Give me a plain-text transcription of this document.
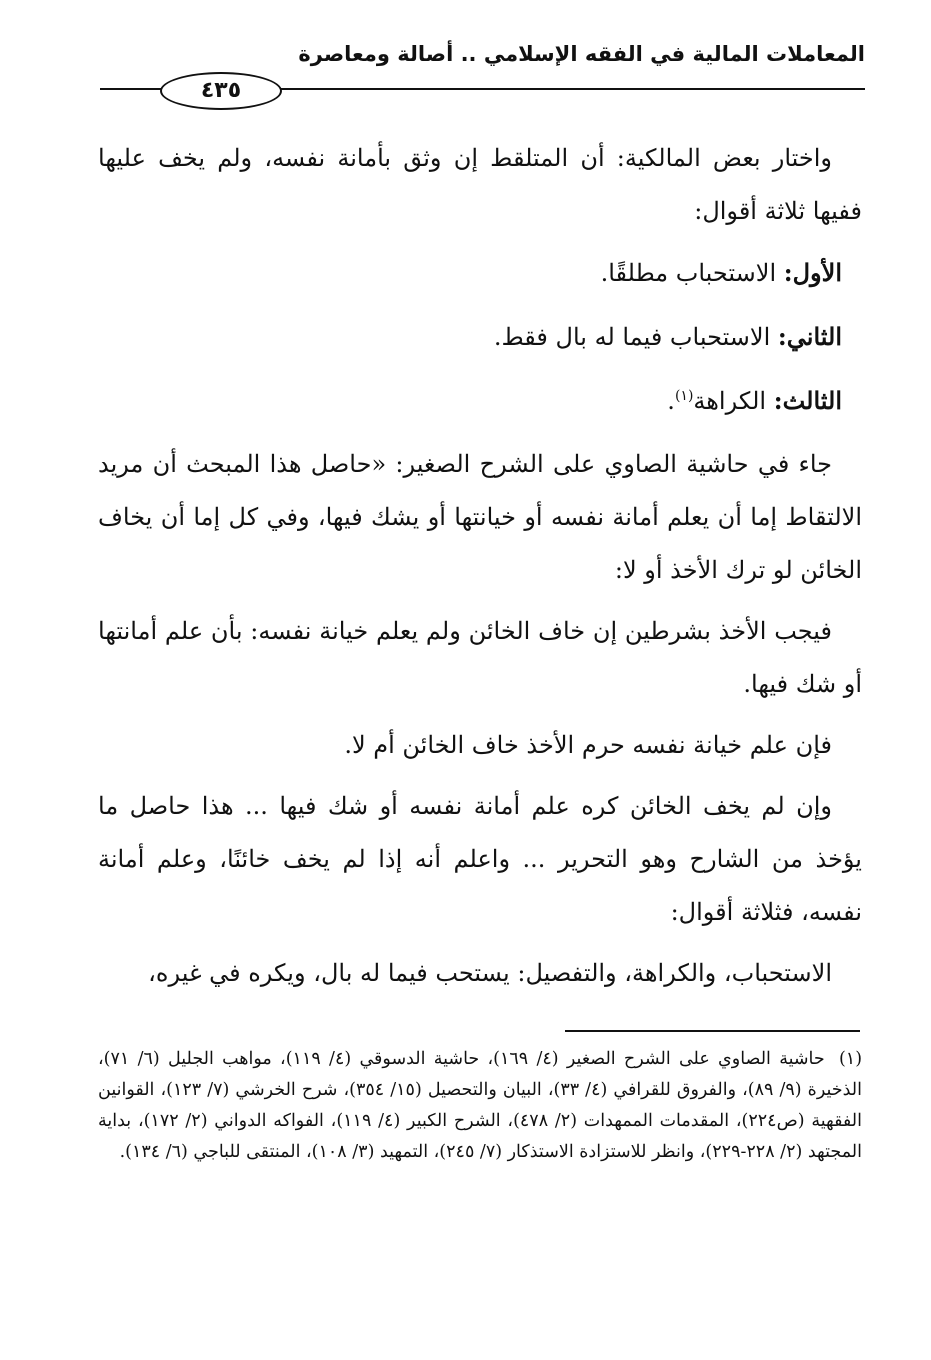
المعاملات المالية في الفقه الإسلامي .. أصالة ومعاصرة
٤٣٥

واختار بعض المالكية: أن المتلقط إن وثق بأمانة نفسه، ولم يخف عليها ففيها ثلاثة أقوال:

الأول: الاستحباب مطلقًا.

الثاني: الاستحباب فيما له بال فقط.

الثالث: الكراهة$^{(١)}$.

جاء في حاشية الصاوي على الشرح الصغير: «حاصل هذا المبحث أن مريد الالتقاط إما أن يعلم أمانة نفسه أو خيانتها أو يشك فيها، وفي كل إما أن يخاف الخائن لو ترك الأخذ أو لا:

فيجب الأخذ بشرطين إن خاف الخائن ولم يعلم خيانة نفسه: بأن علم أمانتها أو شك فيها.

فإن علم خيانة نفسه حرم الأخذ خاف الخائن أم لا.

وإن لم يخف الخائن كره علم أمانة نفسه أو شك فيها ... هذا حاصل ما يؤخذ من الشارح وهو التحرير ... واعلم أنه إذا لم يخف خائنًا، وعلم أمانة نفسه، فثلاثة أقوال:

الاستحباب، والكراهة، والتفصيل: يستحب فيما له بال، ويكره في غيره،

(١) حاشية الصاوي على الشرح الصغير (٤/ ١٦٩)، حاشية الدسوقي (٤/ ١١٩)، مواهب الجليل (٦/ ٧١)، الذخيرة (٩/ ٨٩)، والفروق للقرافي (٤/ ٣٣)، البيان والتحصيل (١٥/ ٣٥٤)، شرح الخرشي (٧/ ١٢٣)، القوانين الفقهية (ص٢٢٤)، المقدمات الممهدات (٢/ ٤٧٨)، الشرح الكبير (٤/ ١١٩)، الفواكه الدواني (٢/ ١٧٢)، بداية المجتهد (٢/ ٢٢٨-٢٢٩)، وانظر للاستزادة الاستذكار (٧/ ٢٤٥)، التمهيد (٣/ ١٠٨)، المنتقى للباجي (٦/ ١٣٤).
